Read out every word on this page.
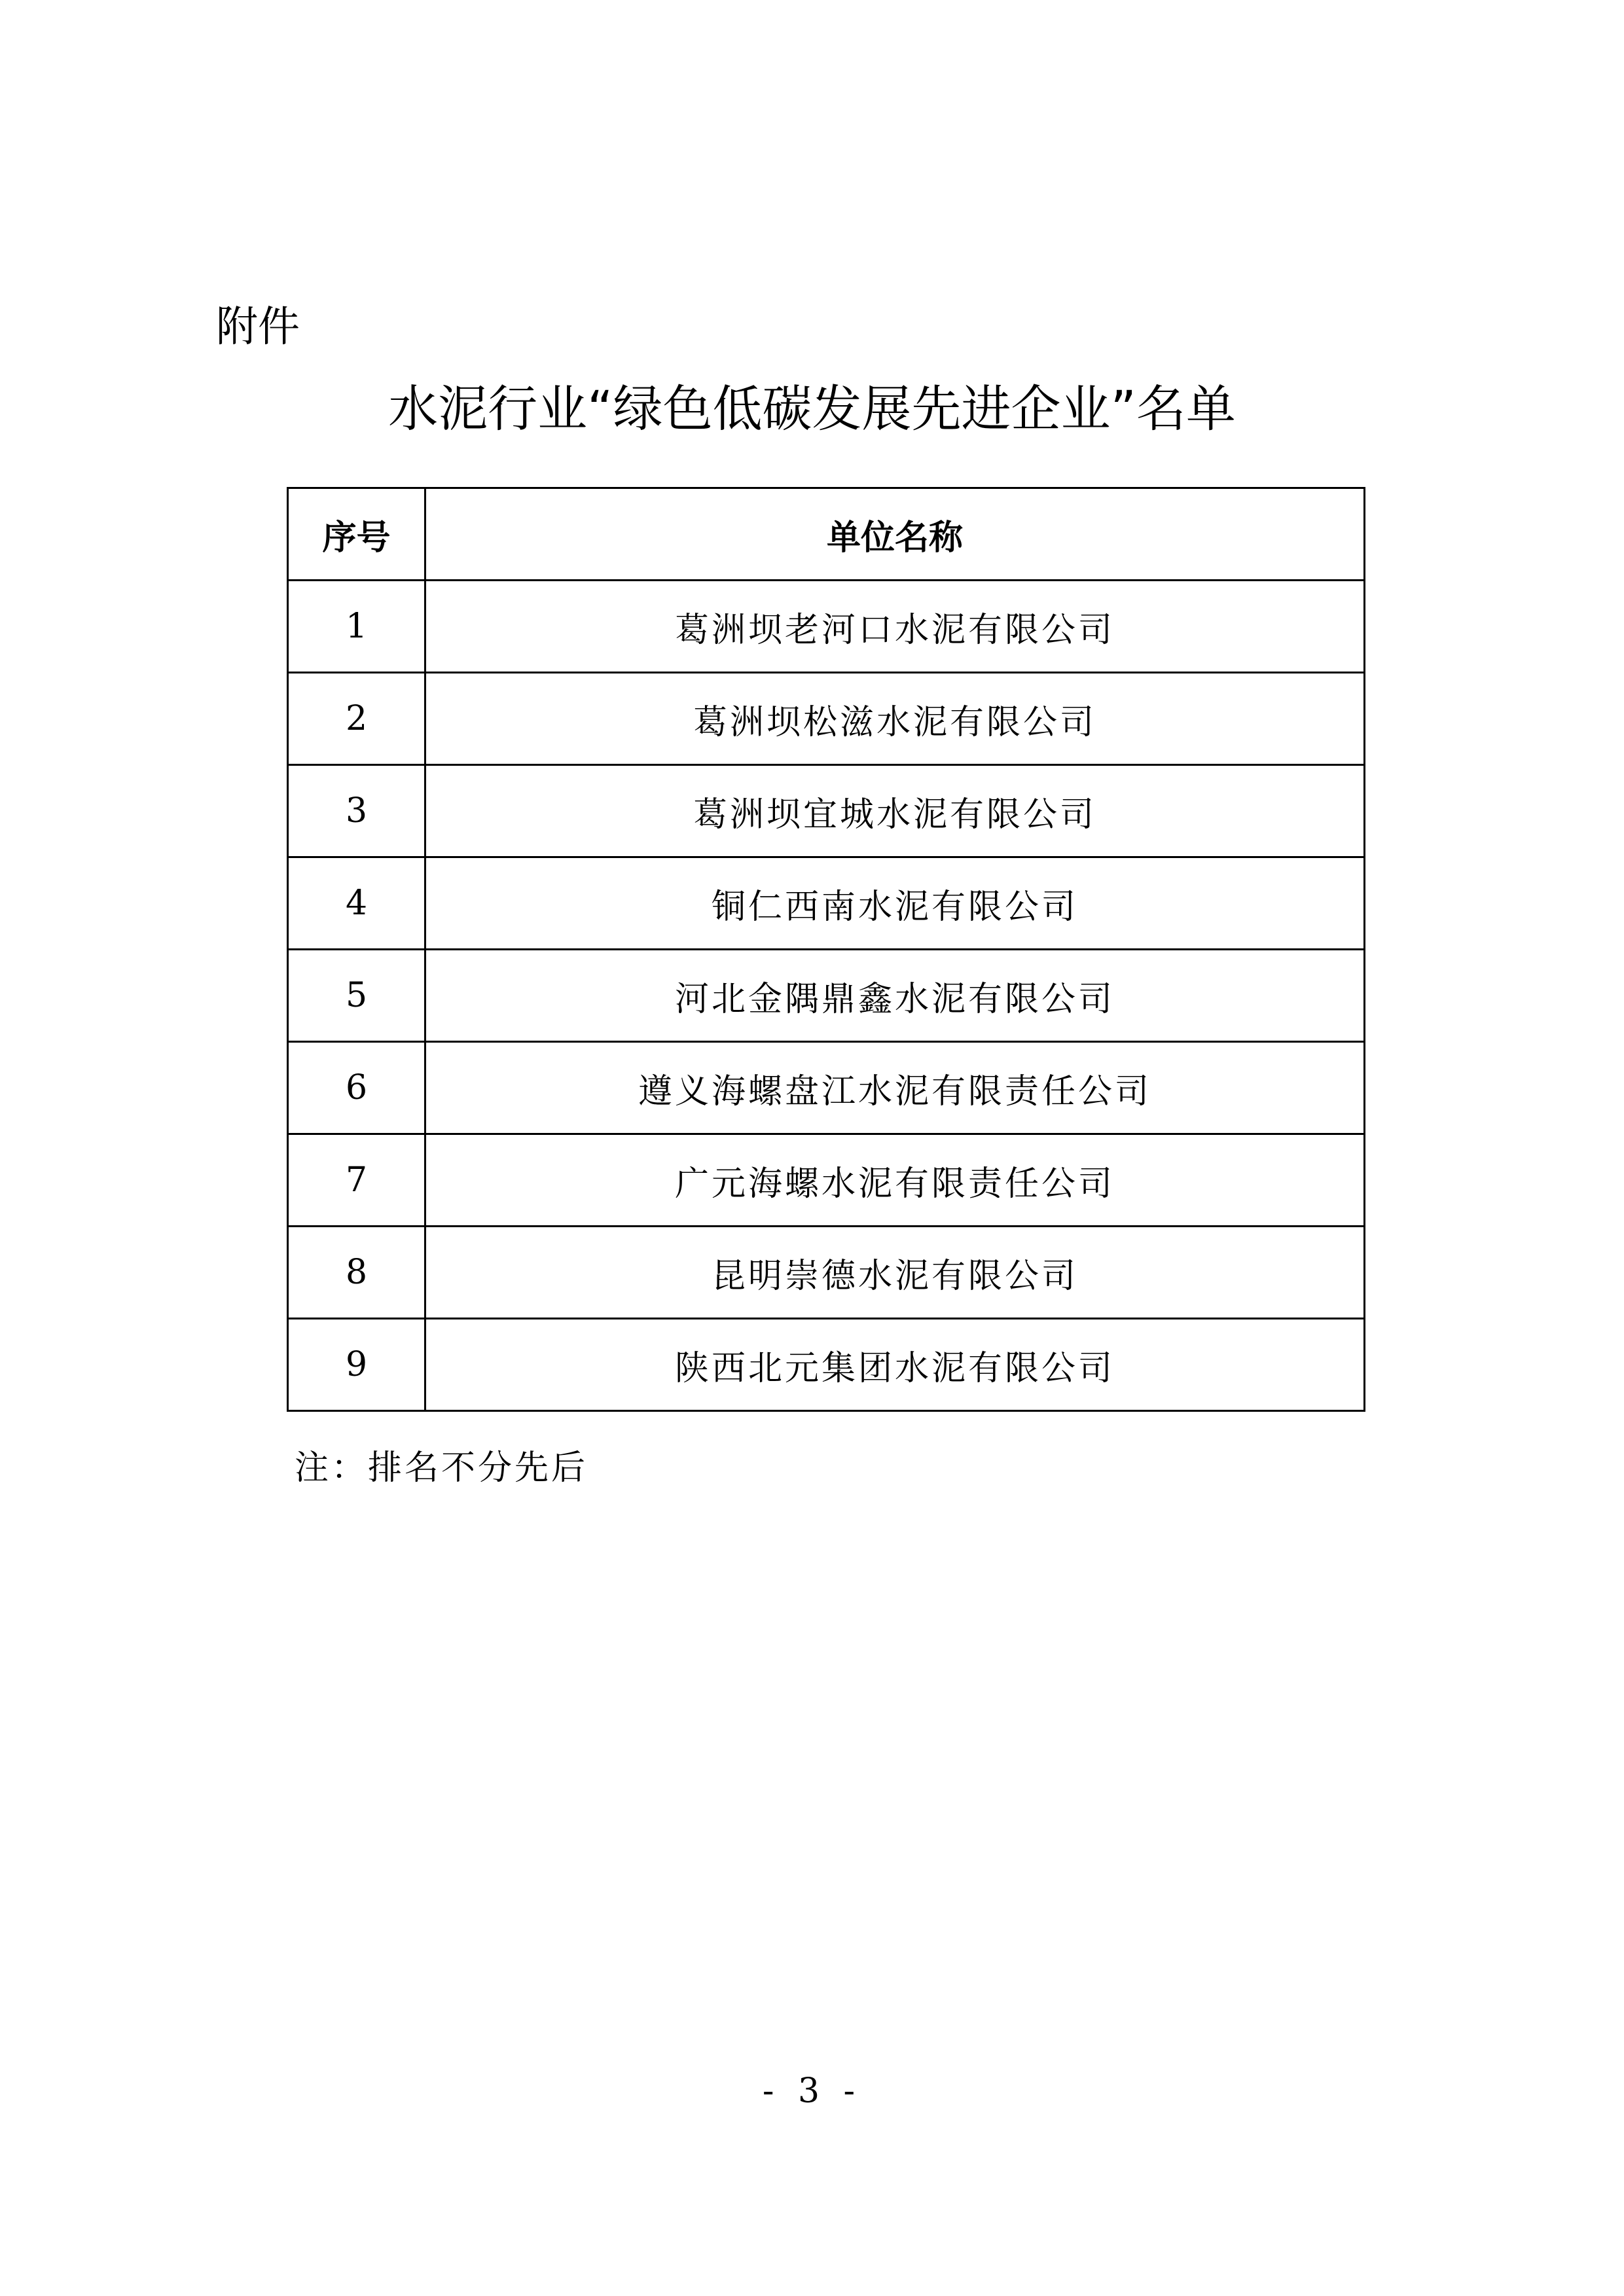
附件
水泥行业“绿色低碳发展先进企业”名单
序号	单位名称
1	葛洲坝老河口水泥有限公司
2	葛洲坝松滋水泥有限公司
3	葛洲坝宜城水泥有限公司
4	铜仁西南水泥有限公司
5	河北金隅鼎鑫水泥有限公司
6	遵义海螺盘江水泥有限责任公司
7	广元海螺水泥有限责任公司
8	昆明崇德水泥有限公司
9	陕西北元集团水泥有限公司
注：排名不分先后
- 3 -
